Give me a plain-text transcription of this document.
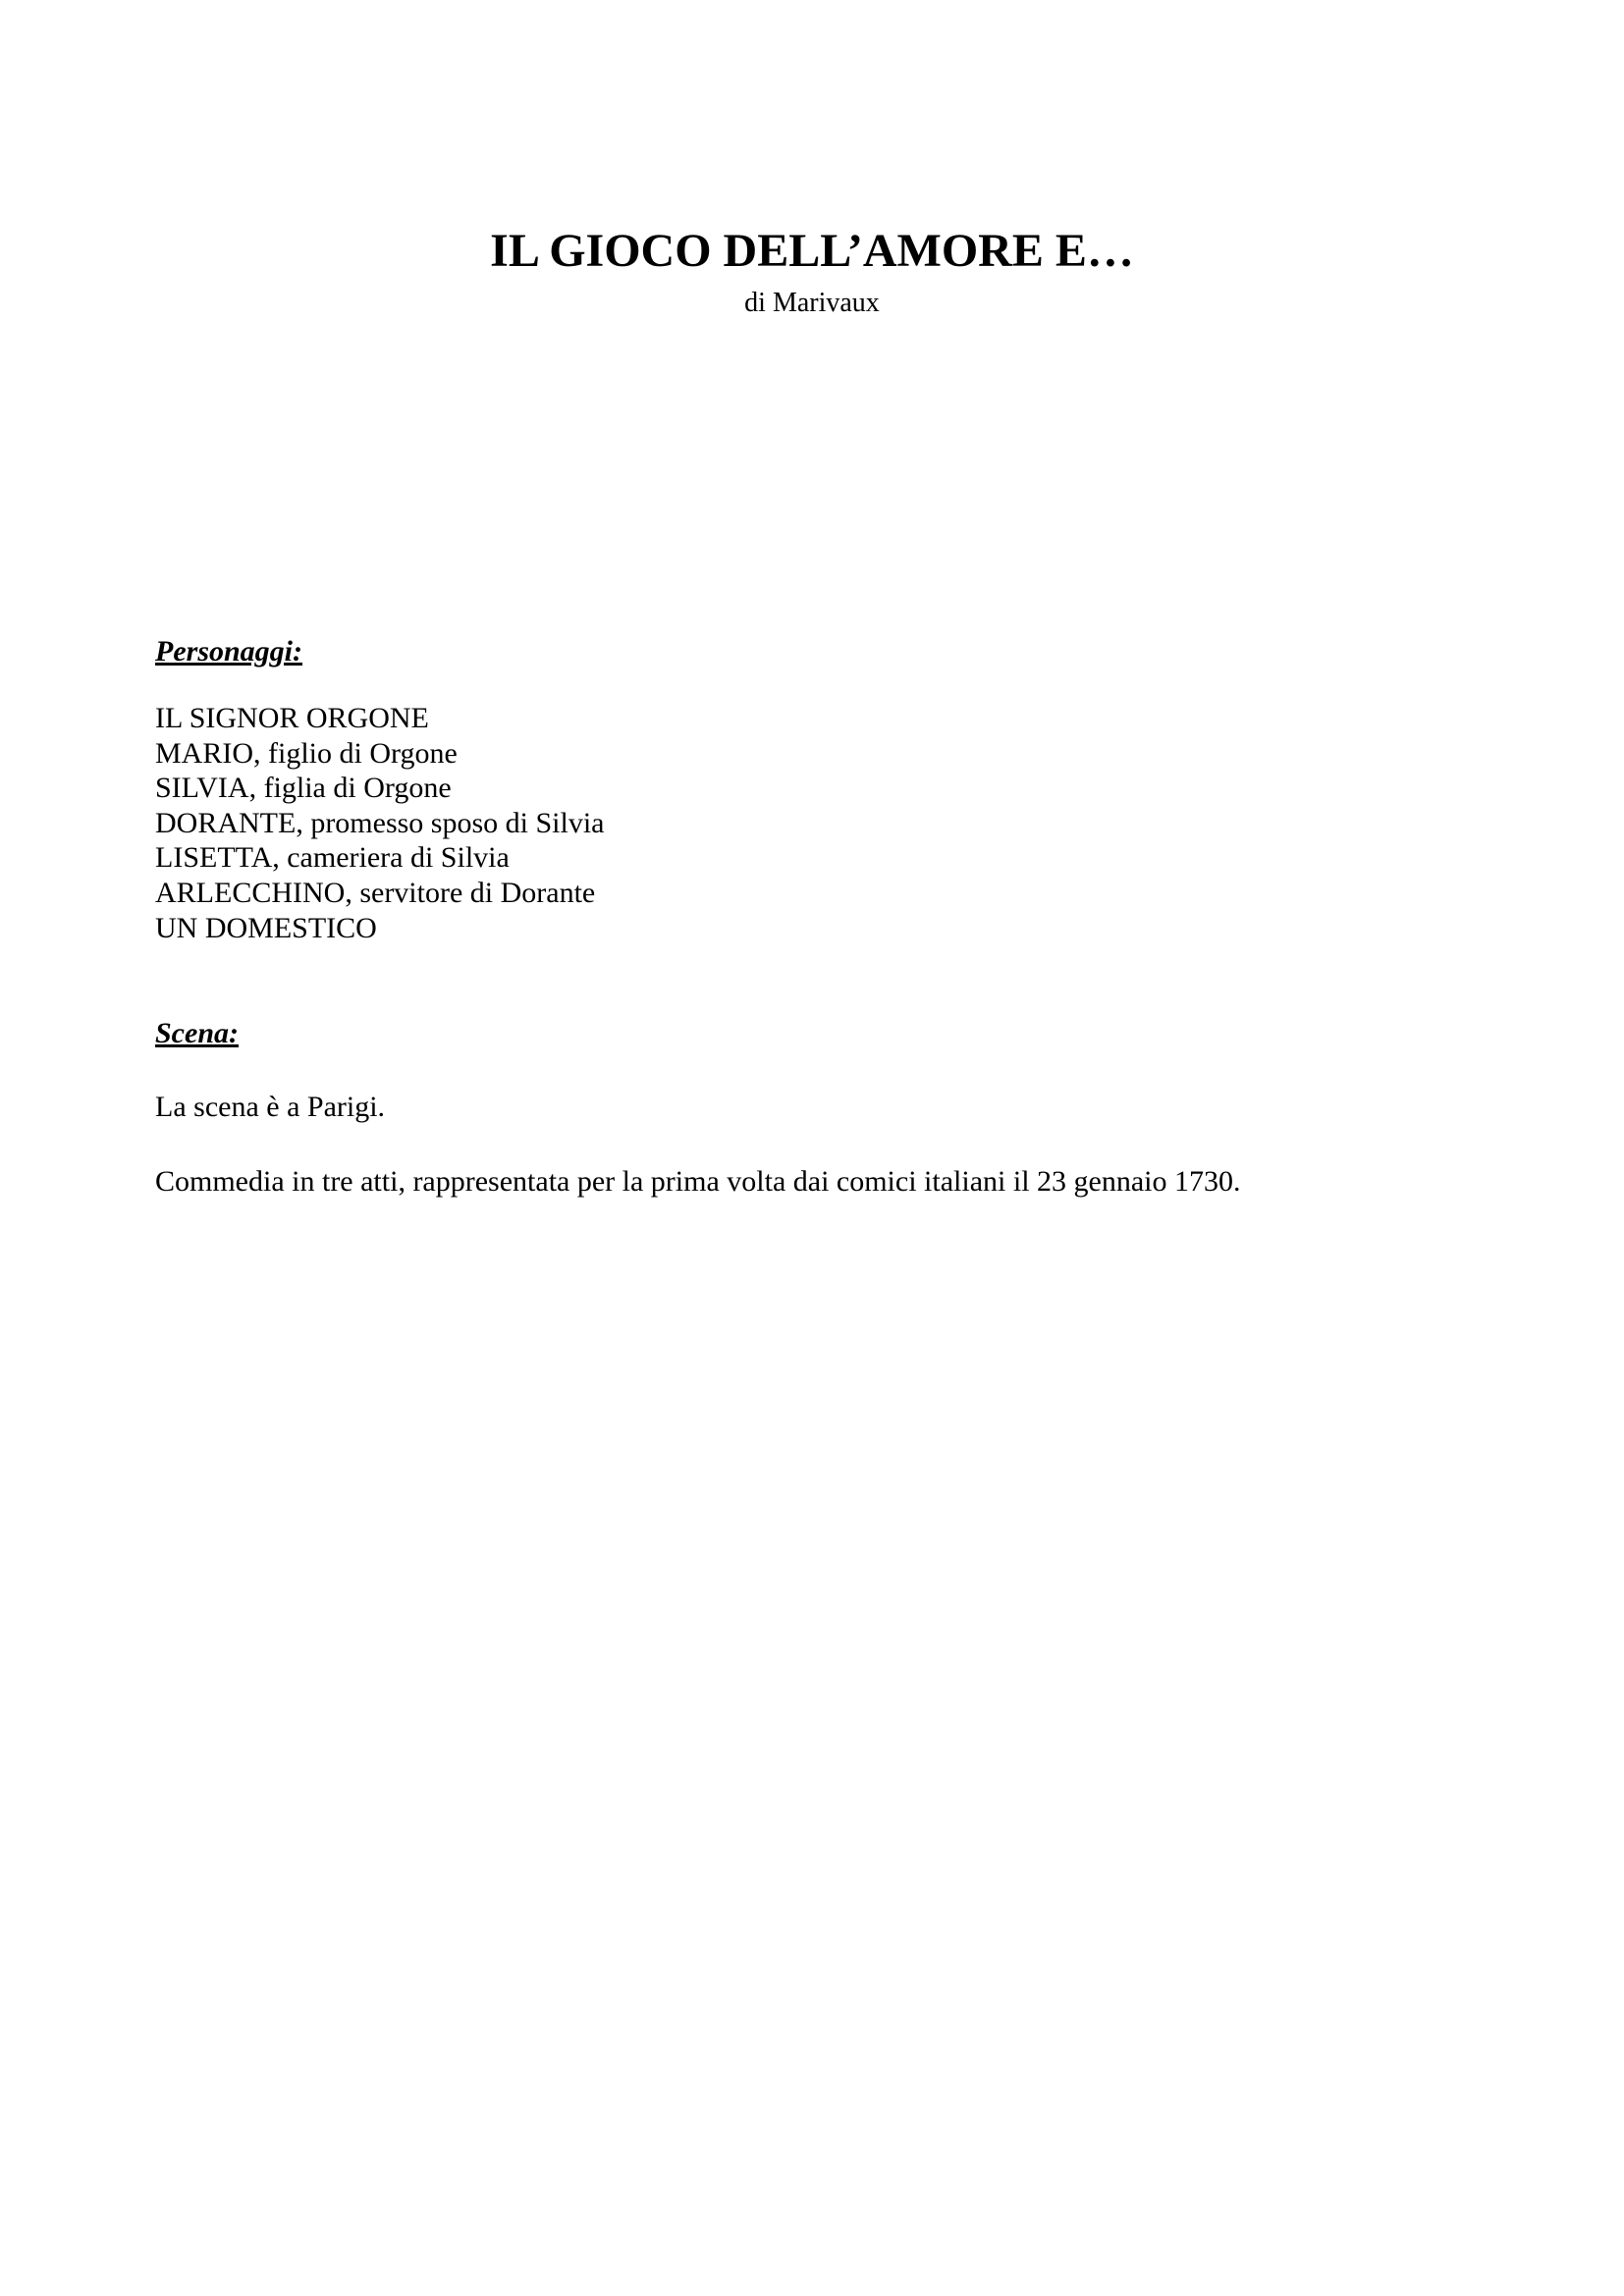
IL GIOCO DELL’AMORE E…

di Marivaux

Personaggi:

IL SIGNOR ORGONE
MARIO, figlio di Orgone
SILVIA, figlia di Orgone
DORANTE, promesso sposo di Silvia
LISETTA, cameriera di Silvia
ARLECCHINO, servitore di Dorante
UN DOMESTICO

Scena:

La scena è a Parigi.

Commedia in tre atti, rappresentata per la prima volta dai comici italiani il 23 gennaio 1730.
